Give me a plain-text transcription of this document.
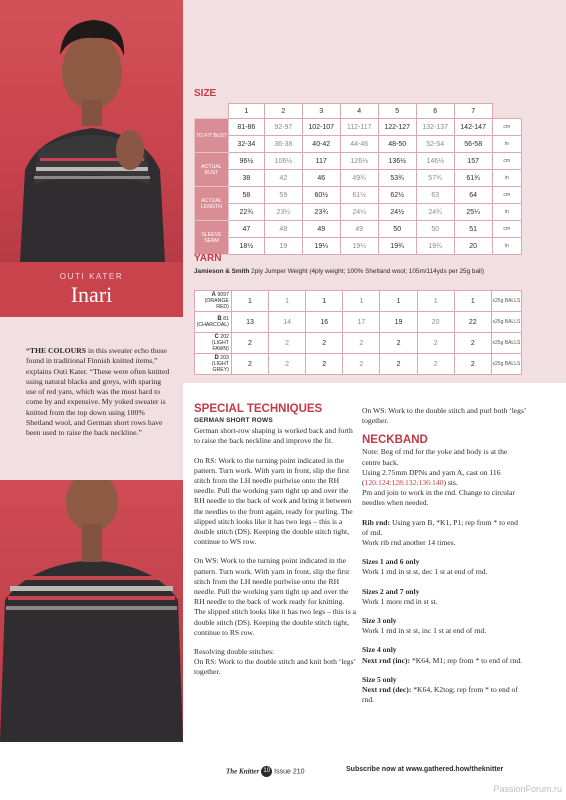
OUTI KATER
Inari
“THE COLOURS in this sweater echo those found in traditional Finnish knitted items,” explains Outi Kater. “These were often knitted using natural blacks and greys, with sparing use of red yarn, which was the most hard to come by and expensive. My yoked sweater is knitted from the top down using 100% Shetland wool, and German short rows have been used to raise the back neckline.”
SIZE
	1	2	3	4	5	6	7	
TO FIT BUST	81-86	92-97	102-107	112-117	122-127	132-137	142-147	cm
	32-34	36-38	40-42	44-46	48-50	52-54	56-58	in
ACTUAL BUST	96½	106½	117	126½	136½	146½	157	cm
	38	42	46	49¾	53¾	57¾	61¾	in
ACTUAL LENGTH	58	59	60½	61½	62½	63	64	cm
	22¾	23¼	23¾	24¼	24½	24¾	25¼	in
SLEEVE SEAM	47	48	49	49	50	50	51	cm
	18½	19	19¼	19¼	19¾	19¾	20	in
YARN
Jamieson & Smith 2ply Jumper Weight (4ply weight; 100% Shetland wool; 105m/114yds per 25g ball)
A 9097
(ORANGE RED)	1	1	1	1	1	1	1	x25g BALLS
B 81
(CHARCOAL)	13	14	16	17	19	20	22	x25g BALLS
C 202
(LIGHT FAWN)	2	2	2	2	2	2	2	x25g BALLS
D 203
(LIGHT GREY)	2	2	2	2	2	2	2	x25g BALLS
SPECIAL TECHNIQUES
GERMAN SHORT ROWS

German short-row shaping is worked back and forth to raise the back neckline and improve the fit.

On RS: Work to the turning point indicated in the pattern. Turn work. With yarn in front, slip the first stitch from the LH needle purlwise onto the RH needle. Pull the working yarn tight up and over the RH needle to the back of work and bring it between the needles to the front again, ready for purling. The slipped stitch looks like it has two legs – this is a double stitch (DS). Keeping the double stitch tight, continue to WS row.

On WS: Work to the turning point indicated in the pattern. Turn work. With yarn in front, slip the first stitch from the LH needle purlwise onto the RH needle. Pull the working yarn tight up and over the RH needle to the back of work ready for knitting. The slipped stitch looks like it has two legs – this is a double stitch (DS). Keeping the double stitch tight, continue to RS row.

Resolving double stitches:
On RS: Work to the double stitch and knit both ‘legs’ together.

On WS: Work to the double stitch and purl both ‘legs’ together.

NECKBAND

Note: Beg of rnd for the yoke and body is at the centre back.

Using 2.75mm DPNs and yarn A, cast on 116 (120:124:128:132:136:140) sts.

Pm and join to work in the rnd. Change to circular needles when needed.

Rib rnd: Using yarn B, *K1, P1; rep from * to end of rnd.

Work rib rnd another 14 times.

Sizes 1 and 6 only

Work 1 rnd in st st, dec 1 st at end of rnd.

Sizes 2 and 7 only

Work 1 more rnd in st st.

Size 3 only

Work 1 rnd in st st, inc 1 st at end of rnd.

Size 4 only

Next rnd (inc): *K64, M1; rep from * to end of rnd.

Size 5 only

Next rnd (dec): *K64, K2tog; rep from * to end of rnd.

The Knitter 10 Issue 210	Subscribe now at www.gathered.how/theknitter
PassionForum.ru
